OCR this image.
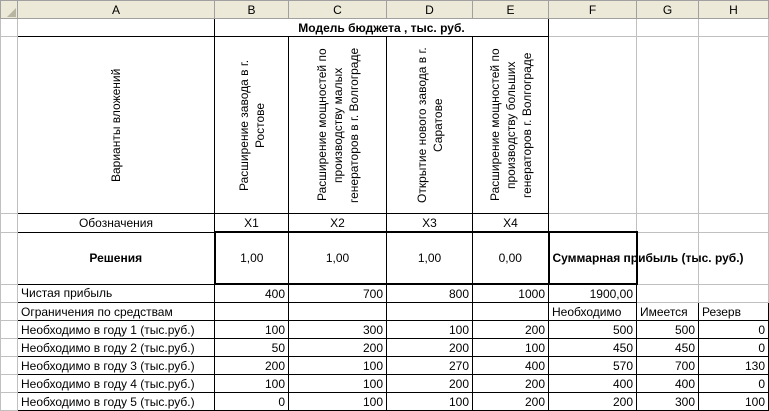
	A	B	C	D	E	F	G	H
		Модель бюджета , тыс. руб.						

	Варианты вложений	Расширение завода в г. Ростове	Расширение мощностей по производству малых генераторов в г. Волгограде	Открытие нового завода в г. Саратове	Расширение мощностей по производству больших генераторов г. Волгограде			

	Обозначения	X1	X2	X3	X4			
	Решения	1,00	1,00	1,00	0,00	Суммарная прибыль (тыс. руб.)		
	Чистая прибыль	400	700	800	1000	1900,00		
	Ограничения по средствам					Необходимо	Имеется	Резерв
	Необходимо в году 1 (тыс.руб.)	100	300	100	200	500	500	0
	Необходимо в году 2 (тыс.руб.)	50	200	200	100	450	450	0
	Необходимо в году 3 (тыс.руб.)	200	100	270	400	570	700	130
	Необходимо в году 4 (тыс.руб.)	100	100	200	200	400	400	0
	Необходимо в году 5 (тыс.руб.)	0	100	100	200	200	300	100
